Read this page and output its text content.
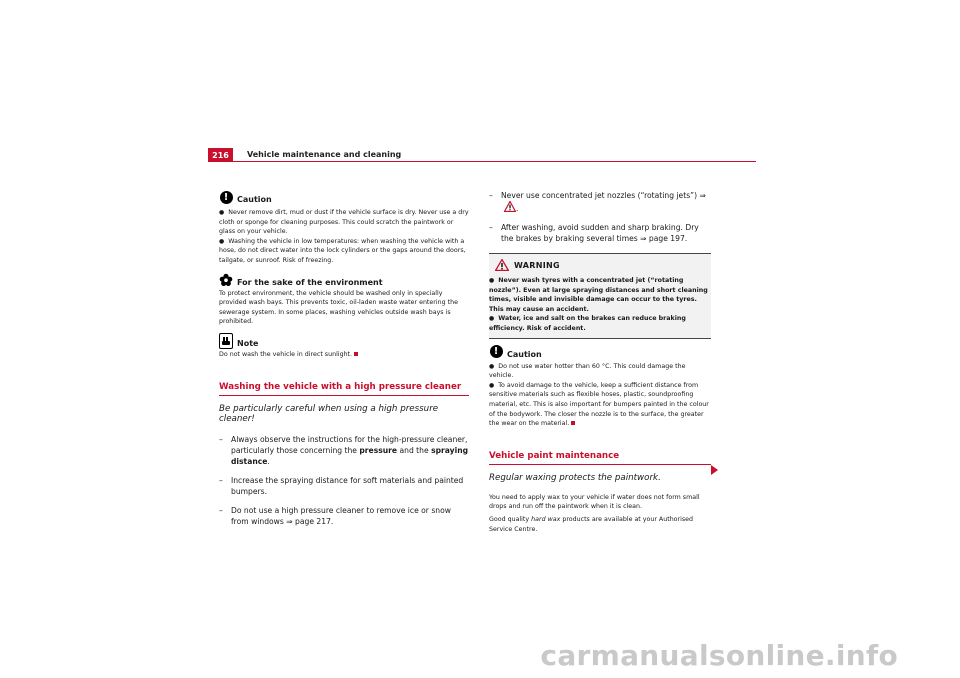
216 Vehicle maintenance and cleaning
!	Caution

● Never remove dirt, mud or dust if the vehicle surface is dry. Never use a dry cloth or sponge for cleaning purposes. This could scratch the paintwork or glass on your vehicle.

● Washing the vehicle in low temperatures: when washing the vehicle with a hose, do not direct water into the lock cylinders or the gaps around the doors, tailgate, or sunroof. Risk of freezing.

For the sake of the environment

To protect environment, the vehicle should be washed only in specially provided wash bays. This prevents toxic, oil-laden waste water entering the sewerage system. In some places, washing vehicles outside wash bays is prohibited.

Note

Do not wash the vehicle in direct sunlight.

Washing the vehicle with a high pressure cleaner

Be particularly careful when using a high pressure cleaner!

–	Always observe the instructions for the high-pressure cleaner, particularly those concerning the pressure and the spraying distance.

–	Increase the spraying distance for soft materials and painted bumpers.

–	Do not use a high pressure cleaner to remove ice or snow from windows ⇒ page 217.

–	Never use concentrated jet nozzles (“rotating jets”) ⇒ .

–	After washing, avoid sudden and sharp braking. Dry the brakes by braking several times ⇒ page 197.

WARNING

● Never wash tyres with a concentrated jet (“rotating nozzle”). Even at large spraying distances and short cleaning times, visible and invisible damage can occur to the tyres. This may cause an accident.

● Water, ice and salt on the brakes can reduce braking efficiency. Risk of accident.

!	Caution

● Do not use water hotter than 60 °C. This could damage the vehicle.

● To avoid damage to the vehicle, keep a sufficient distance from sensitive materials such as flexible hoses, plastic, soundproofing material, etc. This is also important for bumpers painted in the colour of the bodywork. The closer the nozzle is to the surface, the greater the wear on the material.

Vehicle paint maintenance

Regular waxing protects the paintwork.

You need to apply wax to your vehicle if water does not form small drops and run off the paintwork when it is clean.

Good quality hard wax products are available at your Authorised Service Centre.

carmanualsonline.info
